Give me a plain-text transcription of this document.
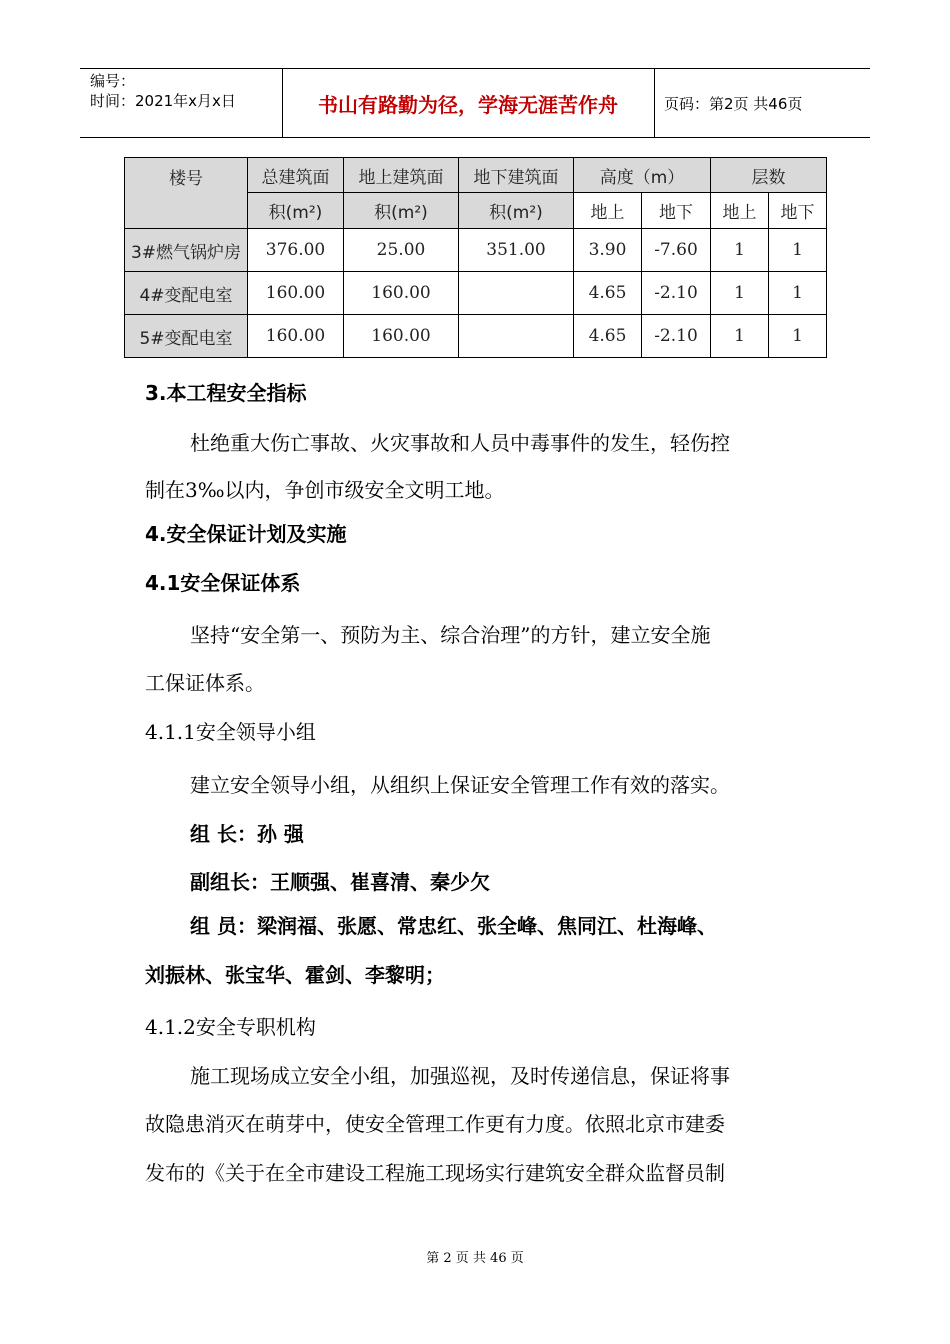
编号：
时间：2021年x月x日	书山有路勤为径，学海无涯苦作舟	页码：第2页 共46页
楼号	总建筑面	地上建筑面	地下建筑面	高度（m）		层数	
	积(m²)	积(m²)	积(m²)	地上	地下	地上	地下
3#燃气锅炉房	376.00	25.00	351.00	3.90	-7.60	1	1
4#变配电室	160.00	160.00		4.65	-2.10	1	1
5#变配电室	160.00	160.00		4.65	-2.10	1	1
3.本工程安全指标
杜绝重大伤亡事故、火灾事故和人员中毒事件的发生，轻伤控
制在3‰以内，争创市级安全文明工地。
4.安全保证计划及实施
4.1安全保证体系
坚持“安全第一、预防为主、综合治理”的方针，建立安全施
工保证体系。
4.1.1安全领导小组
建立安全领导小组，从组织上保证安全管理工作有效的落实。
组 长：孙 强
副组长：王顺强、崔喜清、秦少欠
组 员：梁润福、张愿、常忠红、张全峰、焦同江、杜海峰、
刘振林、张宝华、霍剑、李黎明；
4.1.2安全专职机构
施工现场成立安全小组，加强巡视，及时传递信息，保证将事
故隐患消灭在萌芽中，使安全管理工作更有力度。依照北京市建委
发布的《关于在全市建设工程施工现场实行建筑安全群众监督员制
第 2 页 共 46 页
